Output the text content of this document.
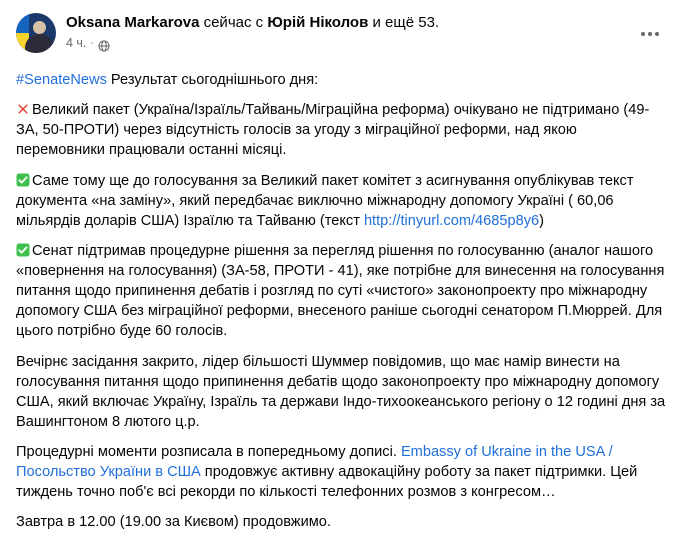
Oksana Markarova сейчас с Юрій Ніколов и ещё 53.
4 ч. ·

#SenateNews Результат сьогоднішнього дня:

Великий пакет (Україна/Ізраїль/Тайвань/Міграційна реформа) очікувано не підтримано (49-ЗА, 50-ПРОТИ) через відсутність голосів за угоду з міграційної реформи, над якою перемовники працювали останні місяці.

Саме тому ще до голосування за Великий пакет комітет з асигнування опублікував текст документа «на заміну», який передбачає виключно міжнародну допомогу Україні ( 60,06 мільярдів доларів США) Ізраїлю та Тайваню (текст http://tinyurl.com/4685p8y6)

Сенат підтримав процедурне рішення за перегляд рішення по голосуванню (аналог нашого «повернення на голосування) (ЗА-58, ПРОТИ - 41), яке потрібне для винесення на голосування питання щодо припинення дебатів і розгляд по суті «чистого» законопроекту про міжнародну допомогу США без міграційної реформи, внесеного раніше сьогодні сенатором П.Мюррей. Для цього потрібно буде 60 голосів.

Вечірнє засідання закрито, лідер більшості Шуммер повідомив, що має намір винести на голосування питання щодо припинення дебатів щодо законопроекту про міжнародну допомогу США, який включає Україну, Ізраїль та держави Індо-тихоокеанського регіону о 12 годині дня за Вашингтоном 8 лютого ц.р.

Процедурні моменти розписала в попередньому дописі. Embassy of Ukraine in the USA / Посольство України в США продовжує активну адвокаційну роботу за пакет підтримки. Цей тиждень точно поб'є всі рекорди по кількості телефонних розмов з конгресом…

Завтра в 12.00 (19.00 за Києвом) продовжимо.
